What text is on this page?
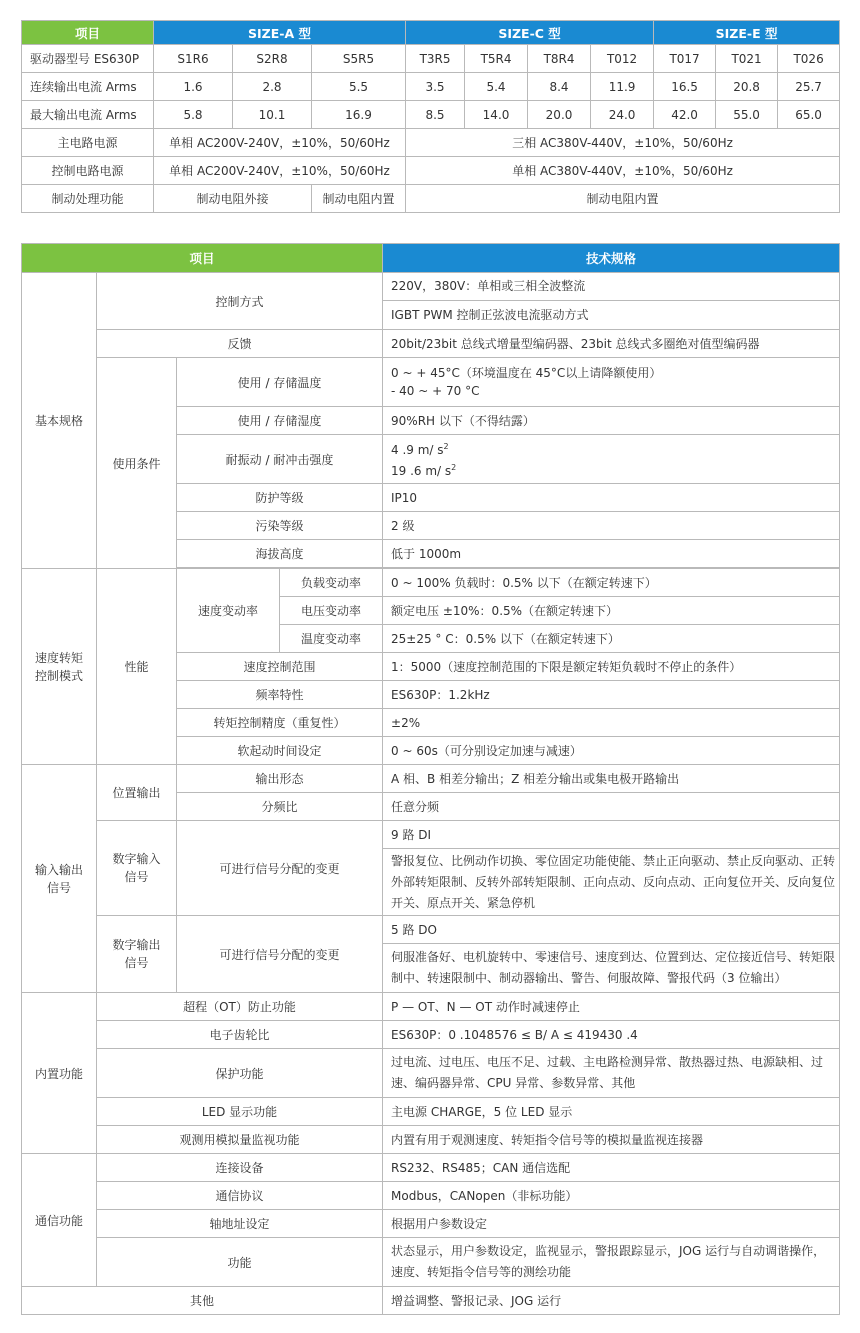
项目	SIZE-A 型			SIZE-C 型				SIZE-E 型		
驱动器型号 ES630P	S1R6	S2R8	S5R5	T3R5	T5R4	T8R4	T012	T017	T021	T026
连续输出电流 Arms	1.6	2.8	5.5	3.5	5.4	8.4	11.9	16.5	20.8	25.7
最大输出电流 Arms	5.8	10.1	16.9	8.5	14.0	20.0	24.0	42.0	55.0	65.0
主电路电源	单相 AC200V-240V，±10%，50/60Hz			三相 AC380V-440V，±10%，50/60Hz						
控制电路电源	单相 AC200V-240V，±10%，50/60Hz			单相 AC380V-440V，±10%，50/60Hz						
制动处理功能	制动电阻外接		制动电阻内置	制动电阻内置						
项目				技术规格
基本规格	控制方式			220V，380V：单相或三相全波整流
IGBT PWM 控制正弦波电流驱动方式

	反馈			20bit/23bit 总线式增量型编码器、23bit 总线式多圈绝对值型编码器
	使用条件	使用 / 存储温度		0 ~ + 45°C（环境温度在 45°C以上请降额使用）
- 40 ~ + 70 °C

		使用 / 存储湿度		90%RH 以下（不得结露）
		耐振动 / 耐冲击强度		4 .9 m/ $s^2$
19 .6 m/ $s^2$

		防护等级		IP10
		污染等级		2 级
		海拔高度		低于 1000m

速度转矩
控制模式	性能	速度变动率	负载变动率	0 ~ 100% 负载时：0.5% 以下（在额定转速下）
			电压变动率	额定电压 ±10%：0.5%（在额定转速下）
			温度变动率	25±25 ° C：0.5% 以下（在额定转速下）
		速度控制范围		1：5000（速度控制范围的下限是额定转矩负载时不停止的条件）
		频率特性		ES630P：1.2kHz
		转矩控制精度（重复性）		±2%
		软起动时间设定		0 ~ 60s（可分别设定加速与减速）

输入输出
信号	位置输出	输出形态		A 相、B 相差分输出；Z 相差分输出或集电极开路输出
		分频比		任意分频

	数字输入
信号	可进行信号分配的变更		9 路 DI
				警报复位、比例动作切换、零位固定功能使能、禁止正向驱动、禁止反向驱动、正转外部转矩限制、反转外部转矩限制、正向点动、反向点动、正向复位开关、反向复位开关、原点开关、紧急停机

	数字输出
信号	可进行信号分配的变更		5 路 DO
				伺服准备好、电机旋转中、零速信号、速度到达、位置到达、定位接近信号、转矩限制中、转速限制中、制动器输出、警告、伺服故障、警报代码（3 位输出）
内置功能	超程（OT）防止功能			P — OT、N — OT 动作时减速停止
	电子齿轮比			ES630P：0 .1048576 ≤ B/ A ≤ 419430 .4
	保护功能			过电流、过电压、电压不足、过载、主电路检测异常、散热器过热、电源缺相、过速、编码器异常、CPU 异常、参数异常、其他
	LED 显示功能			主电源 CHARGE，5 位 LED 显示
	观测用模拟量监视功能			内置有用于观测速度、转矩指令信号等的模拟量监视连接器
通信功能	连接设备			RS232、RS485；CAN 通信选配
	通信协议			Modbus，CANopen（非标功能）
	轴地址设定			根据用户参数设定
	功能			状态显示，用户参数设定，监视显示，警报跟踪显示，JOG 运行与自动调谐操作，速度、转矩指令信号等的测绘功能
其他				增益调整、警报记录、JOG 运行
